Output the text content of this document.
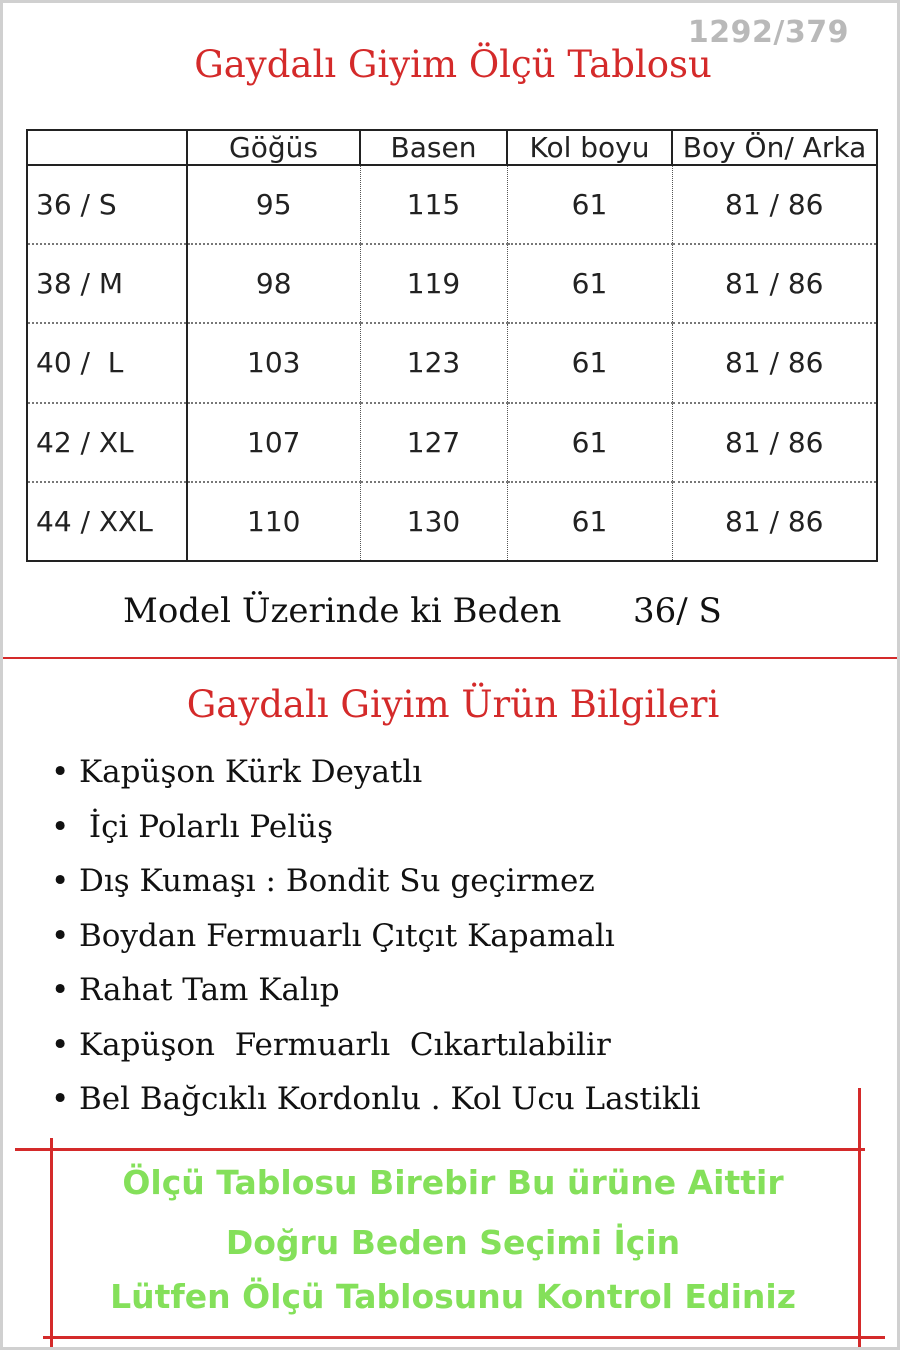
1292/379
Gaydalı Giyim Ölçü Tablosu
	Göğüs	Basen	Kol boyu	Boy Ön/ Arka
36 / S	95	115	61	81 / 86
38 / M	98	119	61	81 / 86
40 /  L	103	123	61	81 / 86
42 / XL	107	127	61	81 / 86
44 / XXL	110	130	61	81 / 86
Model Üzerinde ki Beden 36/ S
Gaydalı Giyim Ürün Bilgileri
• Kapüşon Kürk Deyatlı
• İçi Polarlı Pelüş
• Dış Kumaşı : Bondit Su geçirmez
• Boydan Fermuarlı Çıtçıt Kapamalı
• Rahat Tam Kalıp
• Kapüşon  Fermuarlı  Cıkartılabilir
• Bel Bağcıklı Kordonlu . Kol Ucu Lastikli
Ölçü Tablosu Birebir Bu ürüne Aittir
Doğru Beden Seçimi İçin
Lütfen Ölçü Tablosunu Kontrol Ediniz
